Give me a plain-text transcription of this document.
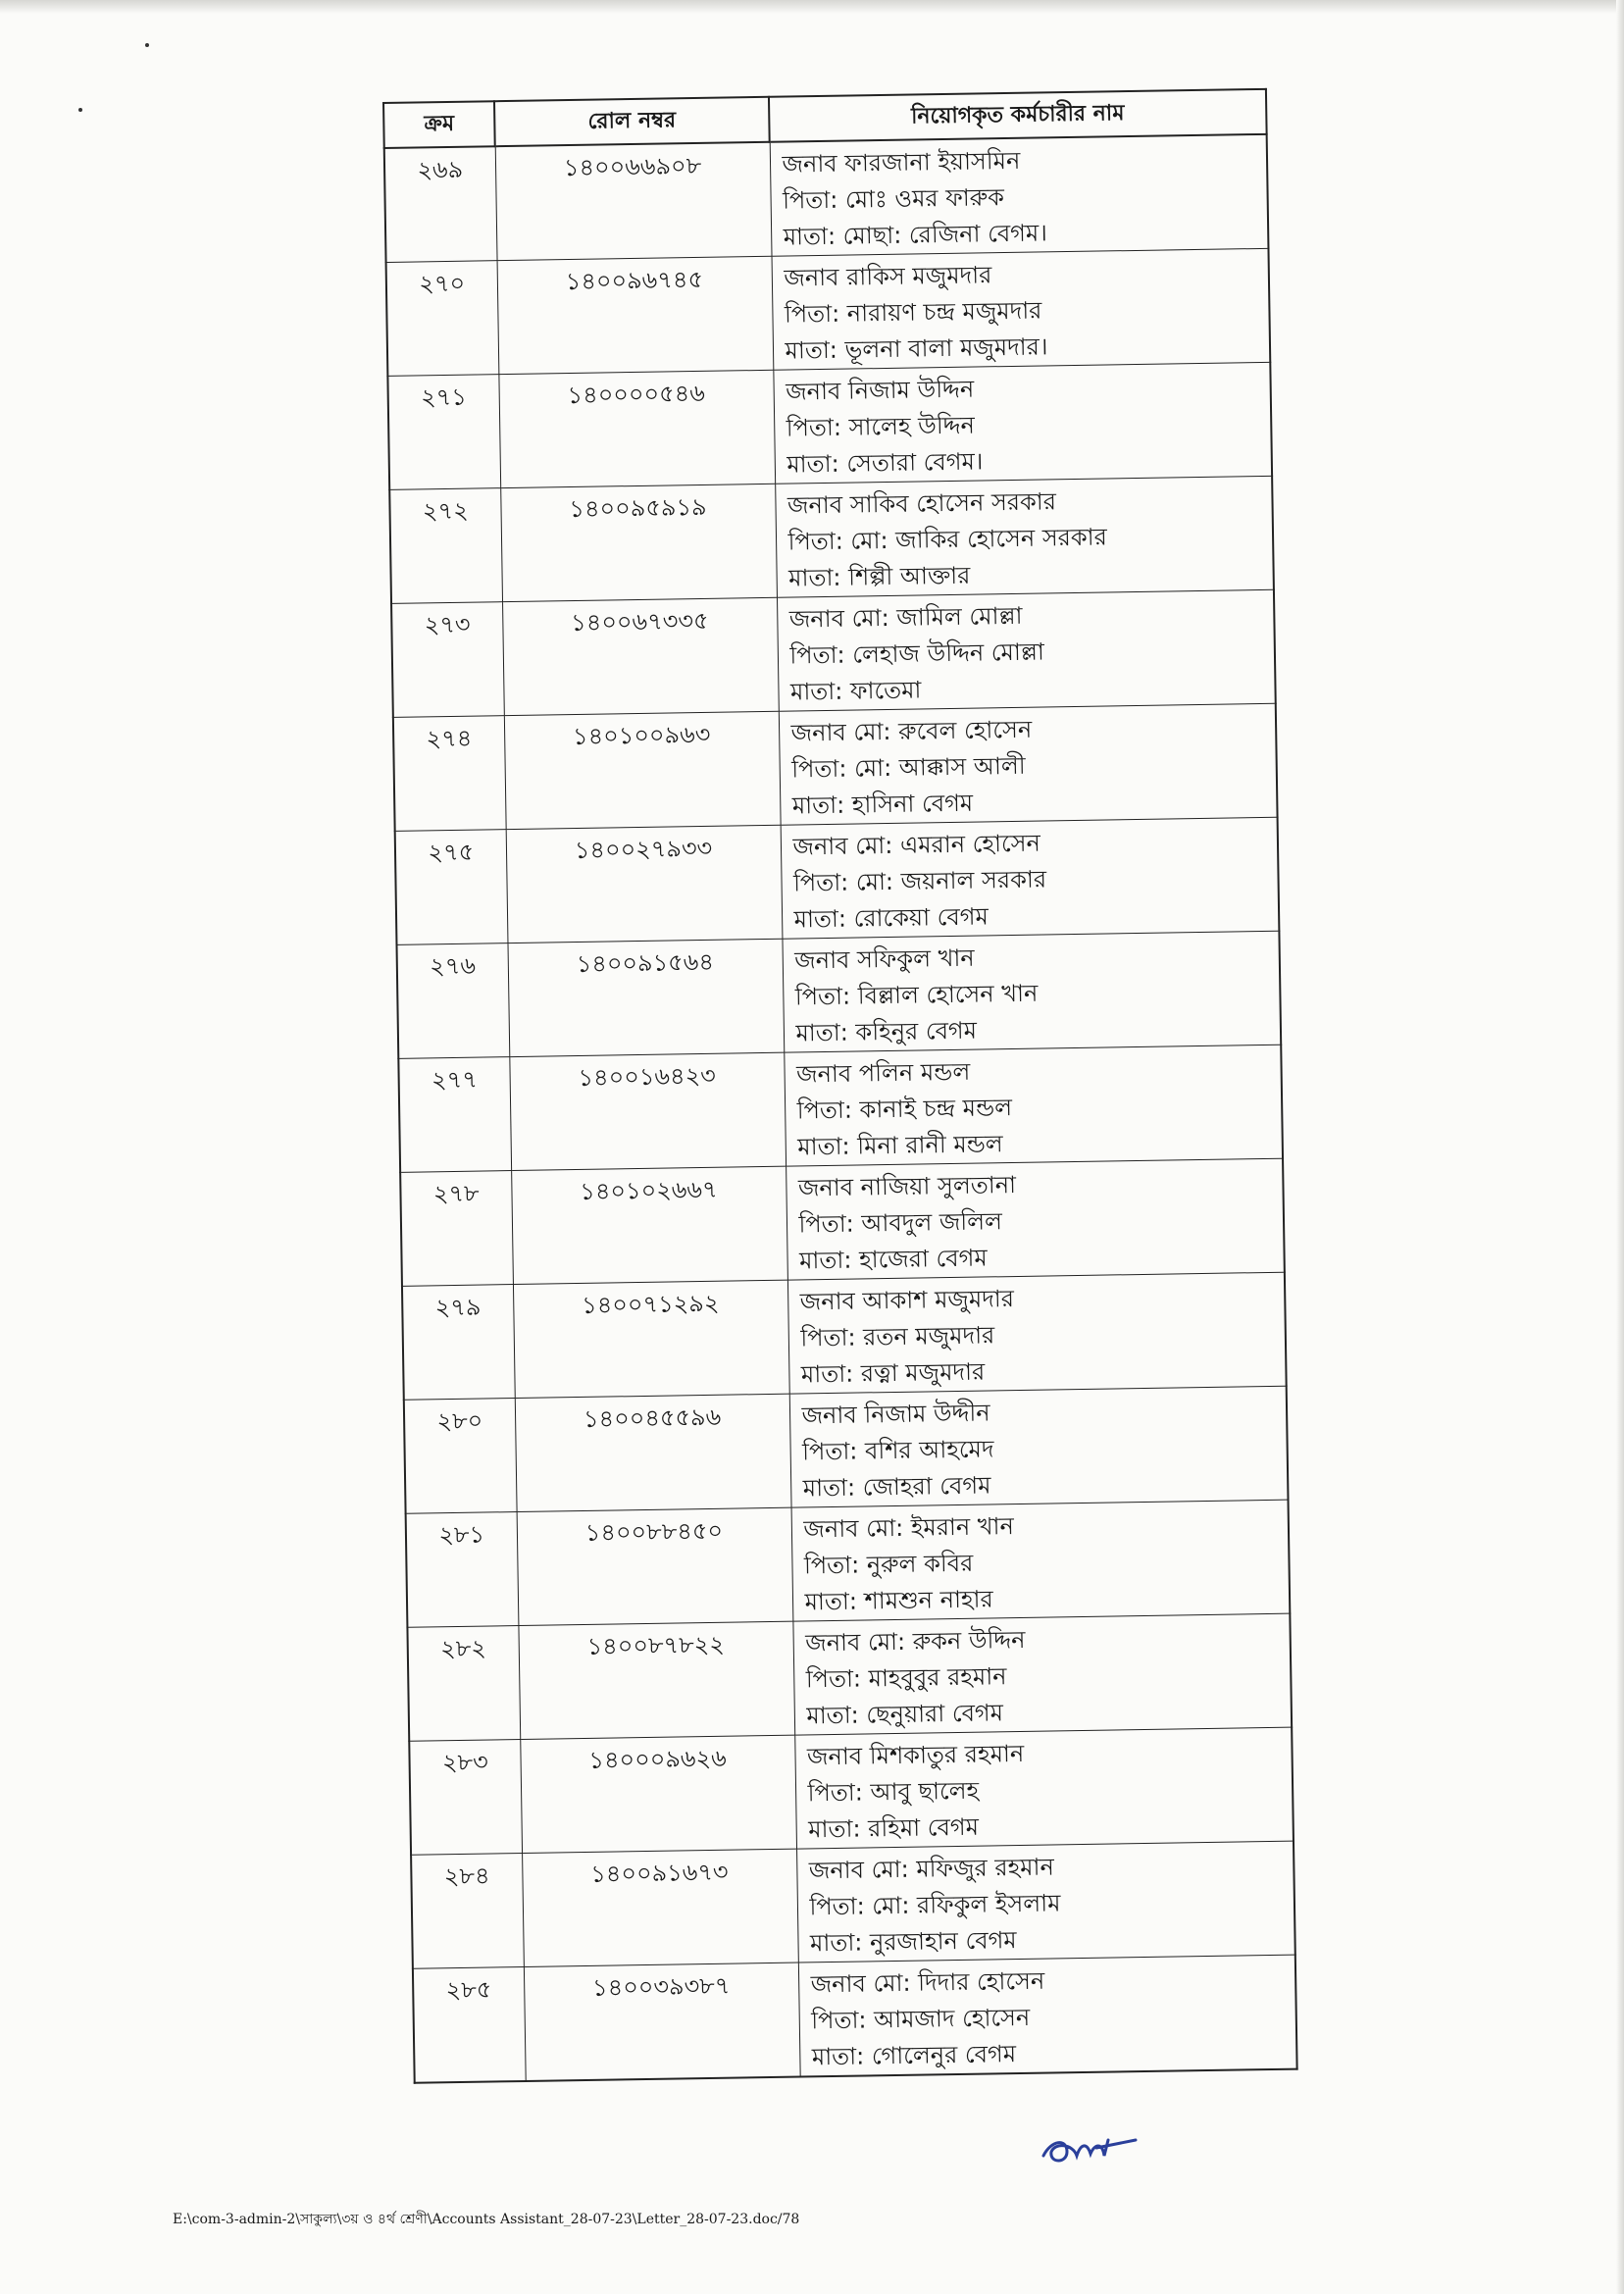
ক্রম	রোল নম্বর	নিয়োগকৃত কর্মচারীর নাম
২৬৯	১৪০০৬৬৯০৮	জনাব ফারজানা ইয়াসমিন
পিতা: মোঃ ওমর ফারুক
মাতা: মোছা: রেজিনা বেগম।

২৭০	১৪০০৯৬৭৪৫	জনাব রাকিস মজুমদার
পিতা: নারায়ণ চন্দ্র মজুমদার
মাতা: ভূলনা বালা মজুমদার।

২৭১	১৪০০০০৫৪৬	জনাব নিজাম উদ্দিন
পিতা: সালেহ উদ্দিন
মাতা: সেতারা বেগম।

২৭২	১৪০০৯৫৯১৯	জনাব সাকিব হোসেন সরকার
পিতা: মো: জাকির হোসেন সরকার
মাতা: শিল্পী আক্তার

২৭৩	১৪০০৬৭৩৩৫	জনাব মো: জামিল মোল্লা
পিতা: লেহাজ উদ্দিন মোল্লা
মাতা: ফাতেমা

২৭৪	১৪০১০০৯৬৩	জনাব মো: রুবেল হোসেন
পিতা: মো: আক্কাস আলী
মাতা: হাসিনা বেগম

২৭৫	১৪০০২৭৯৩৩	জনাব মো: এমরান হোসেন
পিতা: মো: জয়নাল সরকার
মাতা: রোকেয়া বেগম

২৭৬	১৪০০৯১৫৬৪	জনাব সফিকুল খান
পিতা: বিল্লাল হোসেন খান
মাতা: কহিনুর বেগম

২৭৭	১৪০০১৬৪২৩	জনাব পলিন মন্ডল
পিতা: কানাই চন্দ্র মন্ডল
মাতা: মিনা রানী মন্ডল

২৭৮	১৪০১০২৬৬৭	জনাব নাজিয়া সুলতানা
পিতা: আবদুল জলিল
মাতা: হাজেরা বেগম

২৭৯	১৪০০৭১২৯২	জনাব আকাশ মজুমদার
পিতা: রতন মজুমদার
মাতা: রত্না মজুমদার

২৮০	১৪০০৪৫৫৯৬	জনাব নিজাম উদ্দীন
পিতা: বশির আহমেদ
মাতা: জোহরা বেগম

২৮১	১৪০০৮৮৪৫০	জনাব মো: ইমরান খান
পিতা: নুরুল কবির
মাতা: শামশুন নাহার

২৮২	১৪০০৮৭৮২২	জনাব মো: রুকন উদ্দিন
পিতা: মাহবুবুর রহমান
মাতা: ছেনুয়ারা বেগম

২৮৩	১৪০০০৯৬২৬	জনাব মিশকাতুর রহমান
পিতা: আবু ছালেহ
মাতা: রহিমা বেগম

২৮৪	১৪০০৯১৬৭৩	জনাব মো: মফিজুর রহমান
পিতা: মো: রফিকুল ইসলাম
মাতা: নুরজাহান বেগম

২৮৫	১৪০০৩৯৩৮৭	জনাব মো: দিদার হোসেন
পিতা: আমজাদ হোসেন
মাতা: গোলেনুর বেগম
E:\com-3-admin-2\সাকুল্য\৩য় ও ৪র্থ শ্রেণী\Accounts Assistant_28-07-23\Letter_28-07-23.doc/78
